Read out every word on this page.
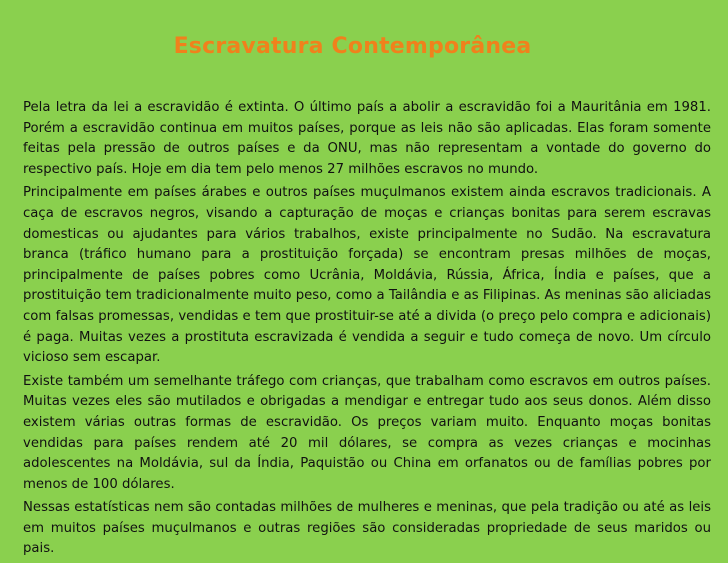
Escravatura Contemporânea

Pela letra da lei a escravidão é extinta. O último país a abolir a escravidão foi a Mauritânia em 1981. Porém a escravidão continua em muitos países, porque as leis não são aplicadas. Elas foram somente feitas pela pressão de outros países e da ONU, mas não representam a vontade do governo do respectivo país. Hoje em dia tem pelo menos 27 milhões escravos no mundo.

Principalmente em países árabes e outros países muçulmanos existem ainda escravos tradicionais. A caça de escravos negros, visando a capturação de moças e crianças bonitas para serem escravas domesticas ou ajudantes para vários trabalhos, existe principalmente no Sudão. Na escravatura branca (tráfico humano para a prostituição forçada) se encontram presas milhões de moças, principalmente de países pobres como Ucrânia, Moldávia, Rússia, África, Índia e países, que a prostituição tem tradicionalmente muito peso, como a Tailândia e as Filipinas. As meninas são aliciadas com falsas promessas, vendidas e tem que prostituir-se até a divida (o preço pelo compra e adicionais) é paga. Muitas vezes a prostituta escravizada é vendida a seguir e tudo começa de novo. Um círculo vicioso sem escapar.

Existe também um semelhante tráfego com crianças, que trabalham como escravos em outros países. Muitas vezes eles são mutilados e obrigadas a mendigar e entregar tudo aos seus donos. Além disso existem várias outras formas de escravidão. Os preços variam muito. Enquanto moças bonitas vendidas para países rendem até 20 mil dólares, se compra as vezes crianças e mocinhas adolescentes na Moldávia, sul da Índia, Paquistão ou China em orfanatos ou de famílias pobres por menos de 100 dólares.

Nessas estatísticas nem são contadas milhões de mulheres e meninas, que pela tradição ou até as leis em muitos países muçulmanos e outras regiões são consideradas propriedade de seus maridos ou pais.
